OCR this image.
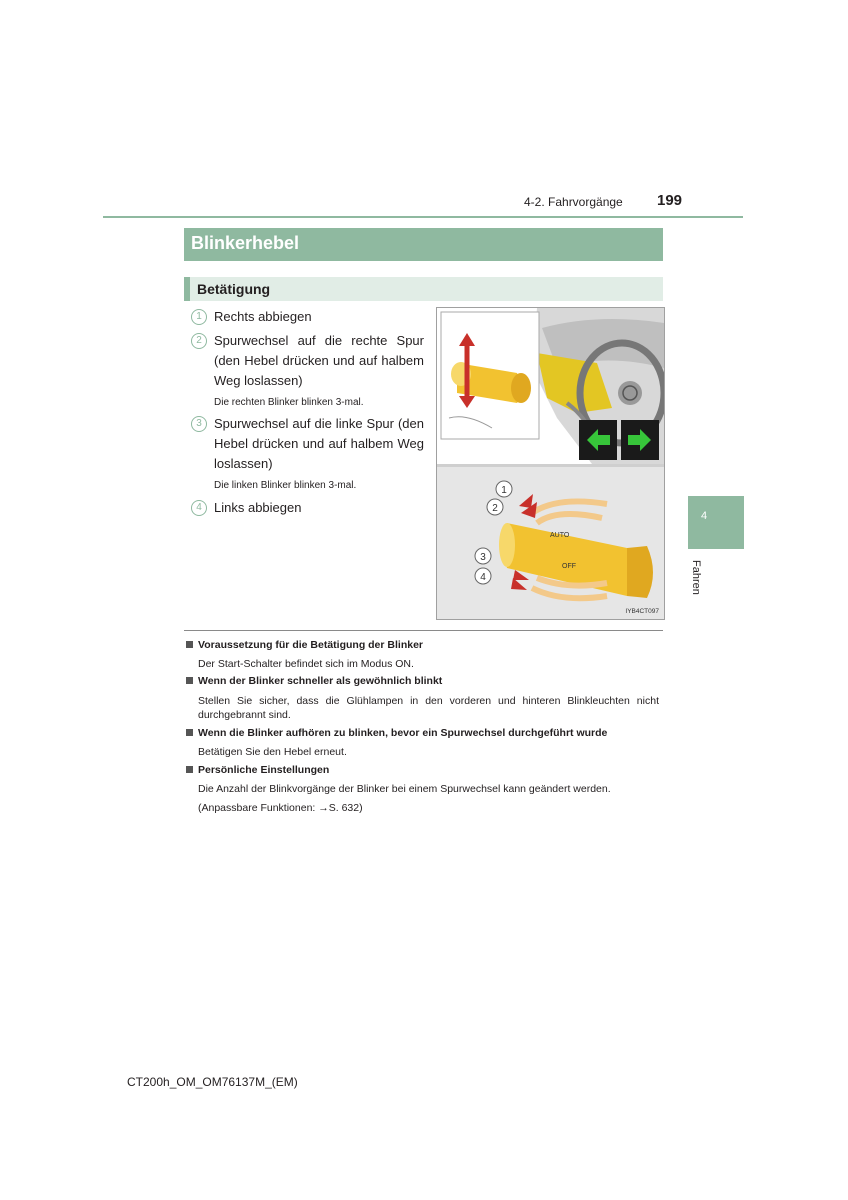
4-2. Fahrvorgänge 199
4
Fahren
Blinkerhebel
Betätigung
1 Rechts abbiegen
2 Spurwechsel auf die rechte Spur (den Hebel drücken und auf halbem Weg loslassen)
Die rechten Blinker blinken 3-mal.
3 Spurwechsel auf die linke Spur (den Hebel drücken und auf halbem Weg loslassen)
Die linken Blinker blinken 3-mal.
4 Links abbiegen
AUTO
OFF
1
2
3
4
IYB4CT097
Voraussetzung für die Betätigung der Blinker
Der Start-Schalter befindet sich im Modus ON.
Wenn der Blinker schneller als gewöhnlich blinkt
Stellen Sie sicher, dass die Glühlampen in den vorderen und hinteren Blinkleuchten nicht durchgebrannt sind.
Wenn die Blinker aufhören zu blinken, bevor ein Spurwechsel durchgeführt wurde
Betätigen Sie den Hebel erneut.
Persönliche Einstellungen
Die Anzahl der Blinkvorgänge der Blinker bei einem Spurwechsel kann geändert werden.
(Anpassbare Funktionen: →S. 632)
CT200h_OM_OM76137M_(EM)
